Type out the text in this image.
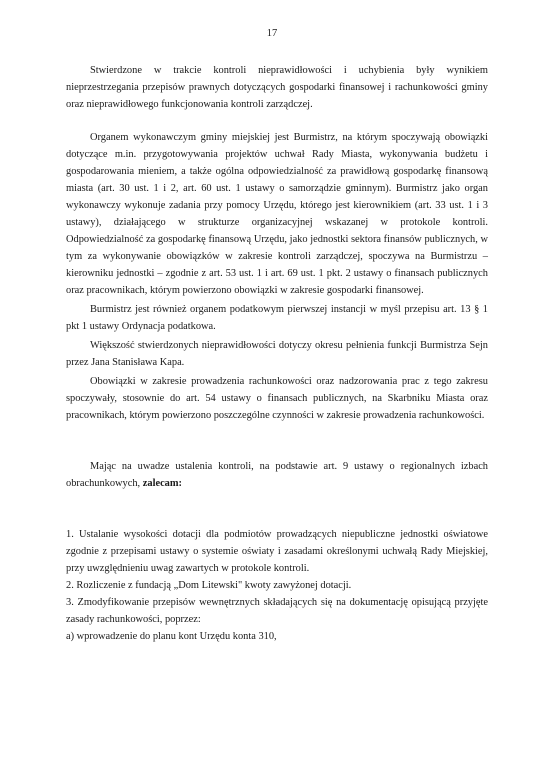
17

Stwierdzone w trakcie kontroli nieprawidłowości i uchybienia były wynikiem nieprzestrzegania przepisów prawnych dotyczących gospodarki finansowej i rachunkowości gminy oraz nieprawidłowego funkcjonowania kontroli zarządczej.

Organem wykonawczym gminy miejskiej jest Burmistrz, na którym spoczywają obowiązki dotyczące m.in. przygotowywania projektów uchwał Rady Miasta, wykonywania budżetu i gospodarowania mieniem, a także ogólna odpowiedzialność za prawidłową gospodarkę finansową miasta (art. 30 ust. 1 i 2, art. 60 ust. 1 ustawy o samorządzie gminnym). Burmistrz jako organ wykonawczy wykonuje zadania przy pomocy Urzędu, którego jest kierownikiem (art. 33 ust. 1 i 3 ustawy), działającego w strukturze organizacyjnej wskazanej w protokole kontroli. Odpowiedzialność za gospodarkę finansową Urzędu, jako jednostki sektora finansów publicznych, w tym za wykonywanie obowiązków w zakresie kontroli zarządczej, spoczywa na Burmistrzu – kierowniku jednostki – zgodnie z art. 53 ust. 1 i art. 69 ust. 1 pkt. 2 ustawy o finansach publicznych oraz pracownikach, którym powierzono obowiązki w zakresie gospodarki finansowej.

Burmistrz jest również organem podatkowym pierwszej instancji w myśl przepisu art. 13 § 1 pkt 1 ustawy Ordynacja podatkowa.

Większość stwierdzonych nieprawidłowości dotyczy okresu pełnienia funkcji Burmistrza Sejn przez Jana Stanisława Kapa.

Obowiązki w zakresie prowadzenia rachunkowości oraz nadzorowania prac z tego zakresu spoczywały, stosownie do art. 54 ustawy o finansach publicznych, na Skarbniku Miasta oraz pracownikach, którym powierzono poszczególne czynności w zakresie prowadzenia rachunkowości.

Mając na uwadze ustalenia kontroli, na podstawie art. 9 ustawy o regionalnych izbach obrachunkowych, zalecam:

1. Ustalanie wysokości dotacji dla podmiotów prowadzących niepubliczne jednostki oświatowe zgodnie z przepisami ustawy o systemie oświaty i zasadami określonymi uchwałą Rady Miejskiej, przy uwzględnieniu uwag zawartych w protokole kontroli.

2. Rozliczenie z fundacją „Dom Litewski" kwoty zawyżonej dotacji.

3. Zmodyfikowanie przepisów wewnętrznych składających się na dokumentację opisującą przyjęte zasady rachunkowości, poprzez:

a) wprowadzenie do planu kont Urzędu konta 310,
